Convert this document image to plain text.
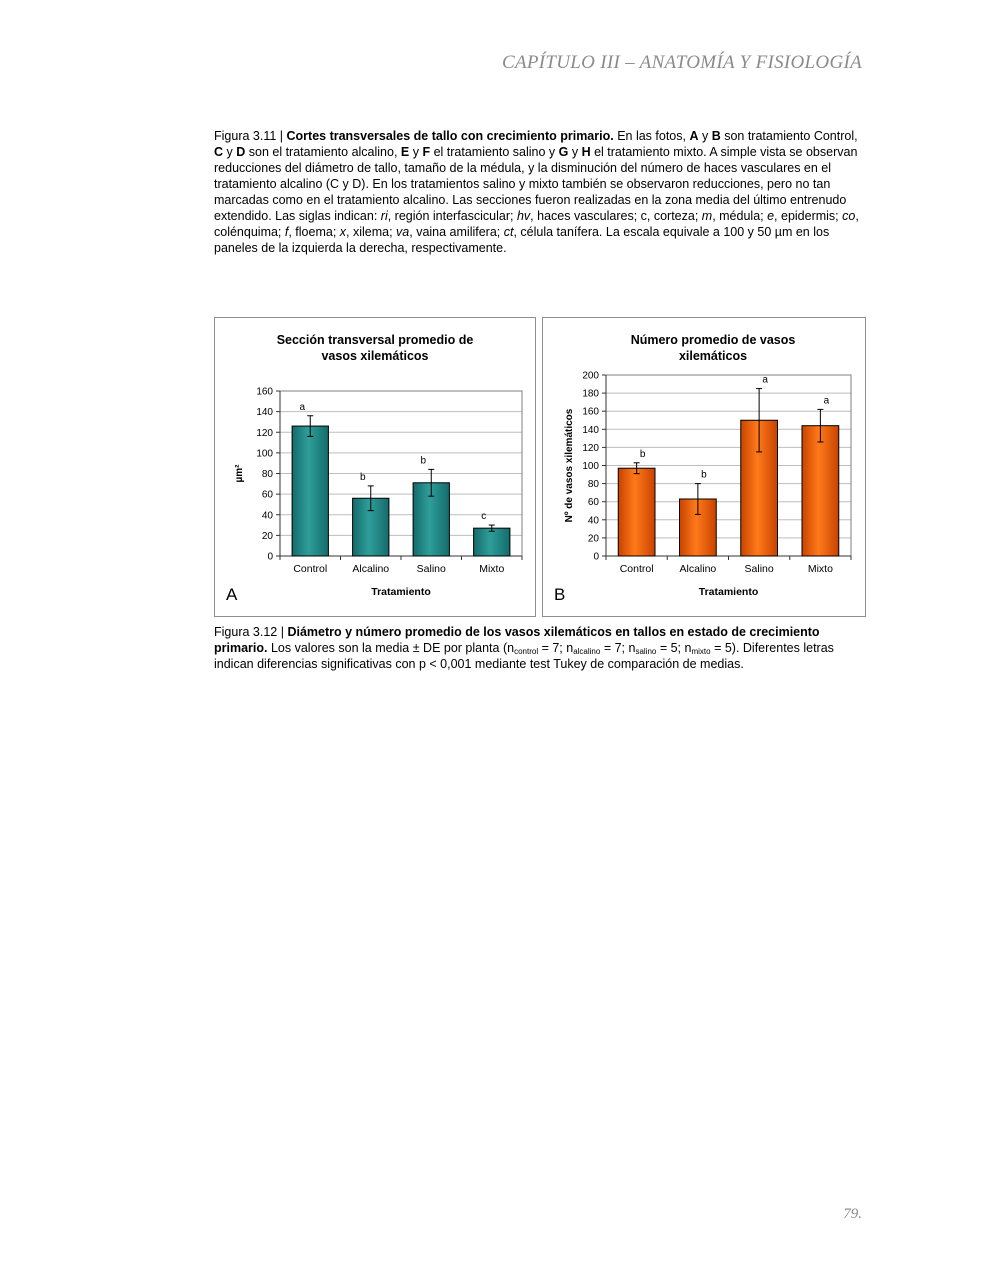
CAPÍTULO III – ANATOMÍA Y FISIOLOGÍA
Figura 3.11 | Cortes transversales de tallo con crecimiento primario. En las fotos, A y B son tratamiento Control, C y D son el tratamiento alcalino, E y F el tratamiento salino y G y H el tratamiento mixto. A simple vista se observan reducciones del diámetro de tallo, tamaño de la médula, y la disminución del número de haces vasculares en el tratamiento alcalino (C y D). En los tratamientos salino y mixto también se observaron reducciones, pero no tan marcadas como en el tratamiento alcalino. Las secciones fueron realizadas en la zona media del último entrenudo extendido. Las siglas indican: ri, región interfascicular; hv, haces vasculares; c, corteza; m, médula; e, epidermis; co, colénquima; f, floema; x, xilema; va, vaina amilifera; ct, célula tanífera. La escala equivale a 100 y 50 µm en los paneles de la izquierda la derecha, respectivamente.
Sección transversal promedio de
vasos xilemáticos
0
20
40
60
80
100
120
140
160
a
Control
b
Alcalino
b
Salino
c
Mixto
Tratamiento
µm²
A
Número promedio de vasos
xilemáticos
0
20
40
60
80
100
120
140
160
180
200
b
Control
b
Alcalino
a
Salino
a
Mixto
Tratamiento
Nº de vasos xilemáticos
B
Figura 3.12 | Diámetro y número promedio de los vasos xilemáticos en tallos en estado de crecimiento primario. Los valores son la media ± DE por planta ($n_{control} = 7$; $n_{alcalino} = 7$; $n_{salino} = 5$; $n_{mixto} = 5$). Diferentes letras indican diferencias significativas con p < 0,001 mediante test Tukey de comparación de medias.
79.
